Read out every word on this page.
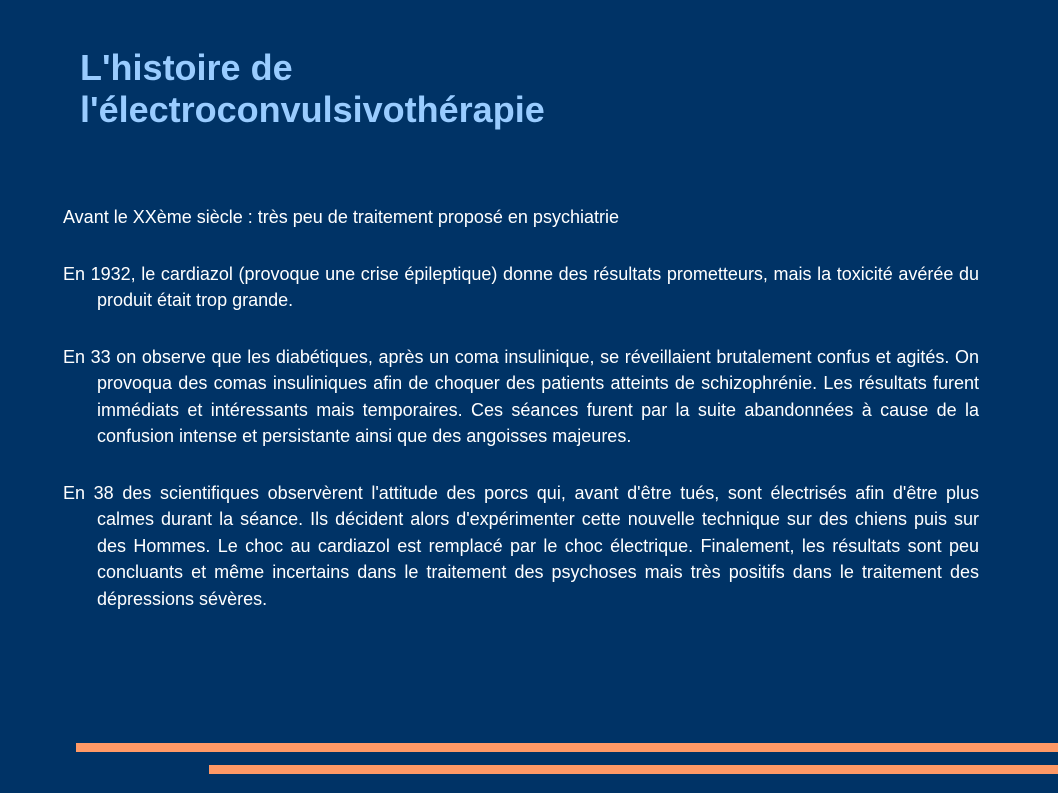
L'histoire de
l'électroconvulsivothérapie

Avant le XXème siècle : très peu de traitement proposé en psychiatrie

En 1932, le cardiazol (provoque une crise épileptique) donne des résultats prometteurs, mais la toxicité avérée du produit était trop grande.

En 33 on observe que les diabétiques, après un coma insulinique, se réveillaient brutalement confus et agités. On provoqua des comas insuliniques afin de choquer des patients atteints de schizophrénie. Les résultats furent immédiats et intéressants mais temporaires. Ces séances furent par la suite abandonnées à cause de la confusion intense et persistante ainsi que des angoisses majeures.

En 38 des scientifiques observèrent l'attitude des porcs qui, avant d'être tués, sont électrisés afin d'être plus calmes durant la séance. Ils décident alors d'expérimenter cette nouvelle technique sur des chiens puis sur des Hommes. Le choc au cardiazol est remplacé par le choc électrique. Finalement, les résultats sont peu concluants et même incertains dans le traitement des psychoses mais très positifs dans le traitement des dépressions sévères.
